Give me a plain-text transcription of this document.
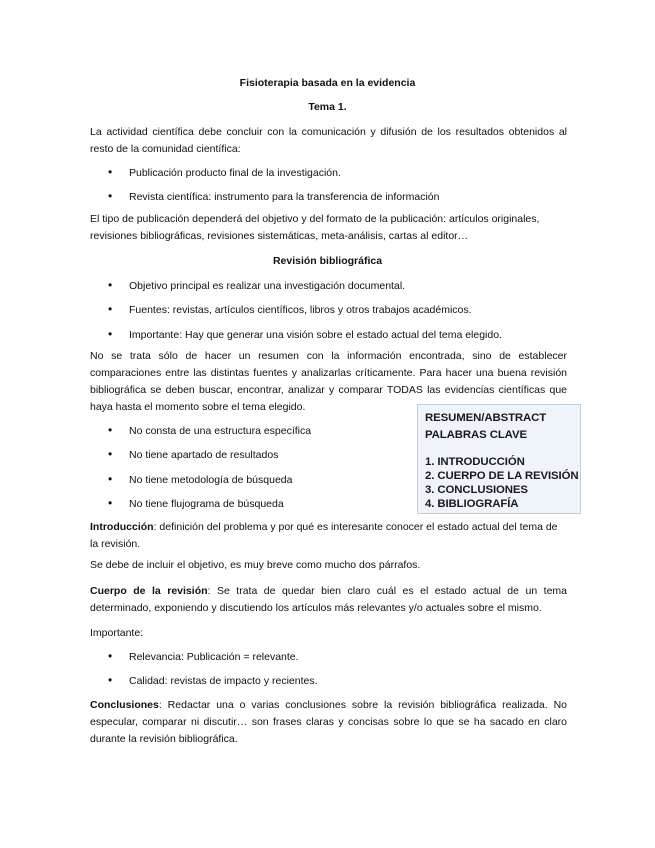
Fisioterapia basada en la evidencia
Tema 1.
La actividad científica debe concluir con la comunicación y difusión de los resultados obtenidos al resto de la comunidad científica:
• Publicación producto final de la investigación.
• Revista científica: instrumento para la transferencia de información
El tipo de publicación dependerá del objetivo y del formato de la publicación: artículos originales, revisiones bibliográficas, revisiones sistemáticas, meta-análisis, cartas al editor…
Revisión bibliográfica
• Objetivo principal es realizar una investigación documental.
• Fuentes: revistas, artículos científicos, libros y otros trabajos académicos.
• Importante: Hay que generar una visión sobre el estado actual del tema elegido.
No se trata sólo de hacer un resumen con la información encontrada, sino de establecer comparaciones entre las distintas fuentes y analizarlas críticamente. Para hacer una buena revisión bibliográfica se deben buscar, encontrar, analizar y comparar TODAS las evidencias científicas que haya hasta el momento sobre el tema elegido.
• No consta de una estructura específica
• No tiene apartado de resultados
• No tiene metodología de búsqueda
• No tiene flujograma de búsqueda
RESUMEN/ABSTRACT
PALABRAS CLAVE
1. INTRODUCCIÓN
2. CUERPO DE LA REVISIÓN
3. CONCLUSIONES
4. BIBLIOGRAFÍA
Introducción: definición del problema y por qué es interesante conocer el estado actual del tema de la revisión.
Se debe de incluir el objetivo, es muy breve como mucho dos párrafos.
Cuerpo de la revisión: Se trata de quedar bien claro cuál es el estado actual de un tema determinado, exponiendo y discutiendo los artículos más relevantes y/o actuales sobre el mismo.
Importante:
• Relevancia: Publicación = relevante.
• Calidad: revistas de impacto y recientes.
Conclusiones: Redactar una o varias conclusiones sobre la revisión bibliográfica realizada. No especular, comparar ni discutir… son frases claras y concisas sobre lo que se ha sacado en claro durante la revisión bibliográfica.
